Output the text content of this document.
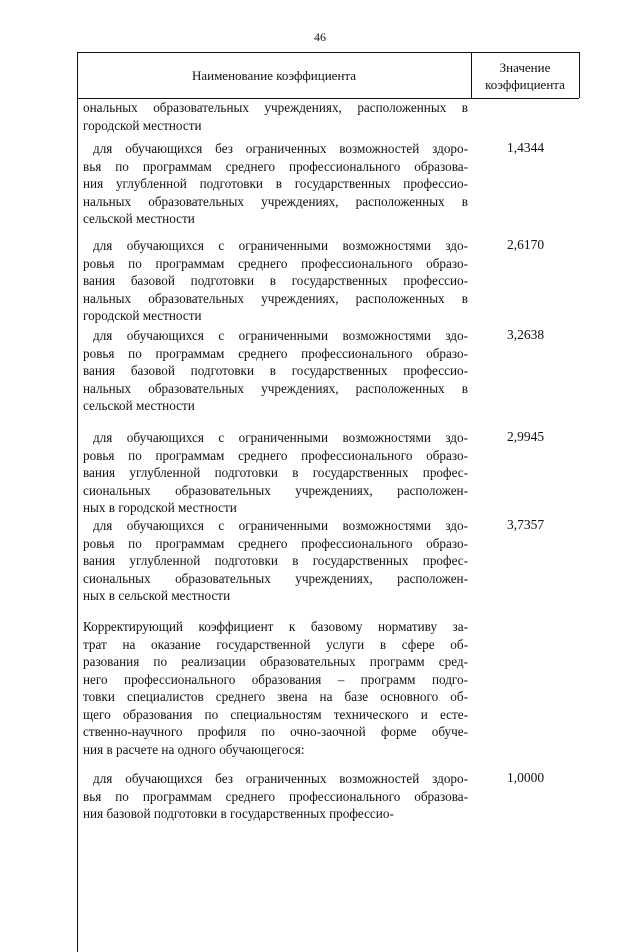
46
Наименование коэффициента
Значение
коэффициента
ональных образовательных учреждениях, расположенных в
городской местности
для обучающихся без ограниченных возможностей здоро-
вья по программам среднего профессионального образова-
ния углубленной подготовки в государственных профессио-
нальных образовательных учреждениях, расположенных в
сельской местности
1,4344
для обучающихся с ограниченными возможностями здо-
ровья по программам среднего профессионального образо-
вания базовой подготовки в государственных профессио-
нальных образовательных учреждениях, расположенных в
городской местности
2,6170
для обучающихся с ограниченными возможностями здо-
ровья по программам среднего профессионального образо-
вания базовой подготовки в государственных профессио-
нальных образовательных учреждениях, расположенных в
сельской местности
3,2638
для обучающихся с ограниченными возможностями здо-
ровья по программам среднего профессионального образо-
вания углубленной подготовки в государственных профес-
сиональных образовательных учреждениях, расположен-
ных в городской местности
2,9945
для обучающихся с ограниченными возможностями здо-
ровья по программам среднего профессионального образо-
вания углубленной подготовки в государственных профес-
сиональных образовательных учреждениях, расположен-
ных в сельской местности
3,7357
Корректирующий коэффициент к базовому нормативу за-
трат на оказание государственной услуги в сфере об-
разования по реализации образовательных программ сред-
него профессионального образования – программ подго-
товки специалистов среднего звена на базе основного об-
щего образования по специальностям технического и есте-
ственно-научного профиля по очно-заочной форме обуче-
ния в расчете на одного обучающегося:
для обучающихся без ограниченных возможностей здоро-
вья по программам среднего профессионального образова-
ния базовой подготовки в государственных профессио-
1,0000
